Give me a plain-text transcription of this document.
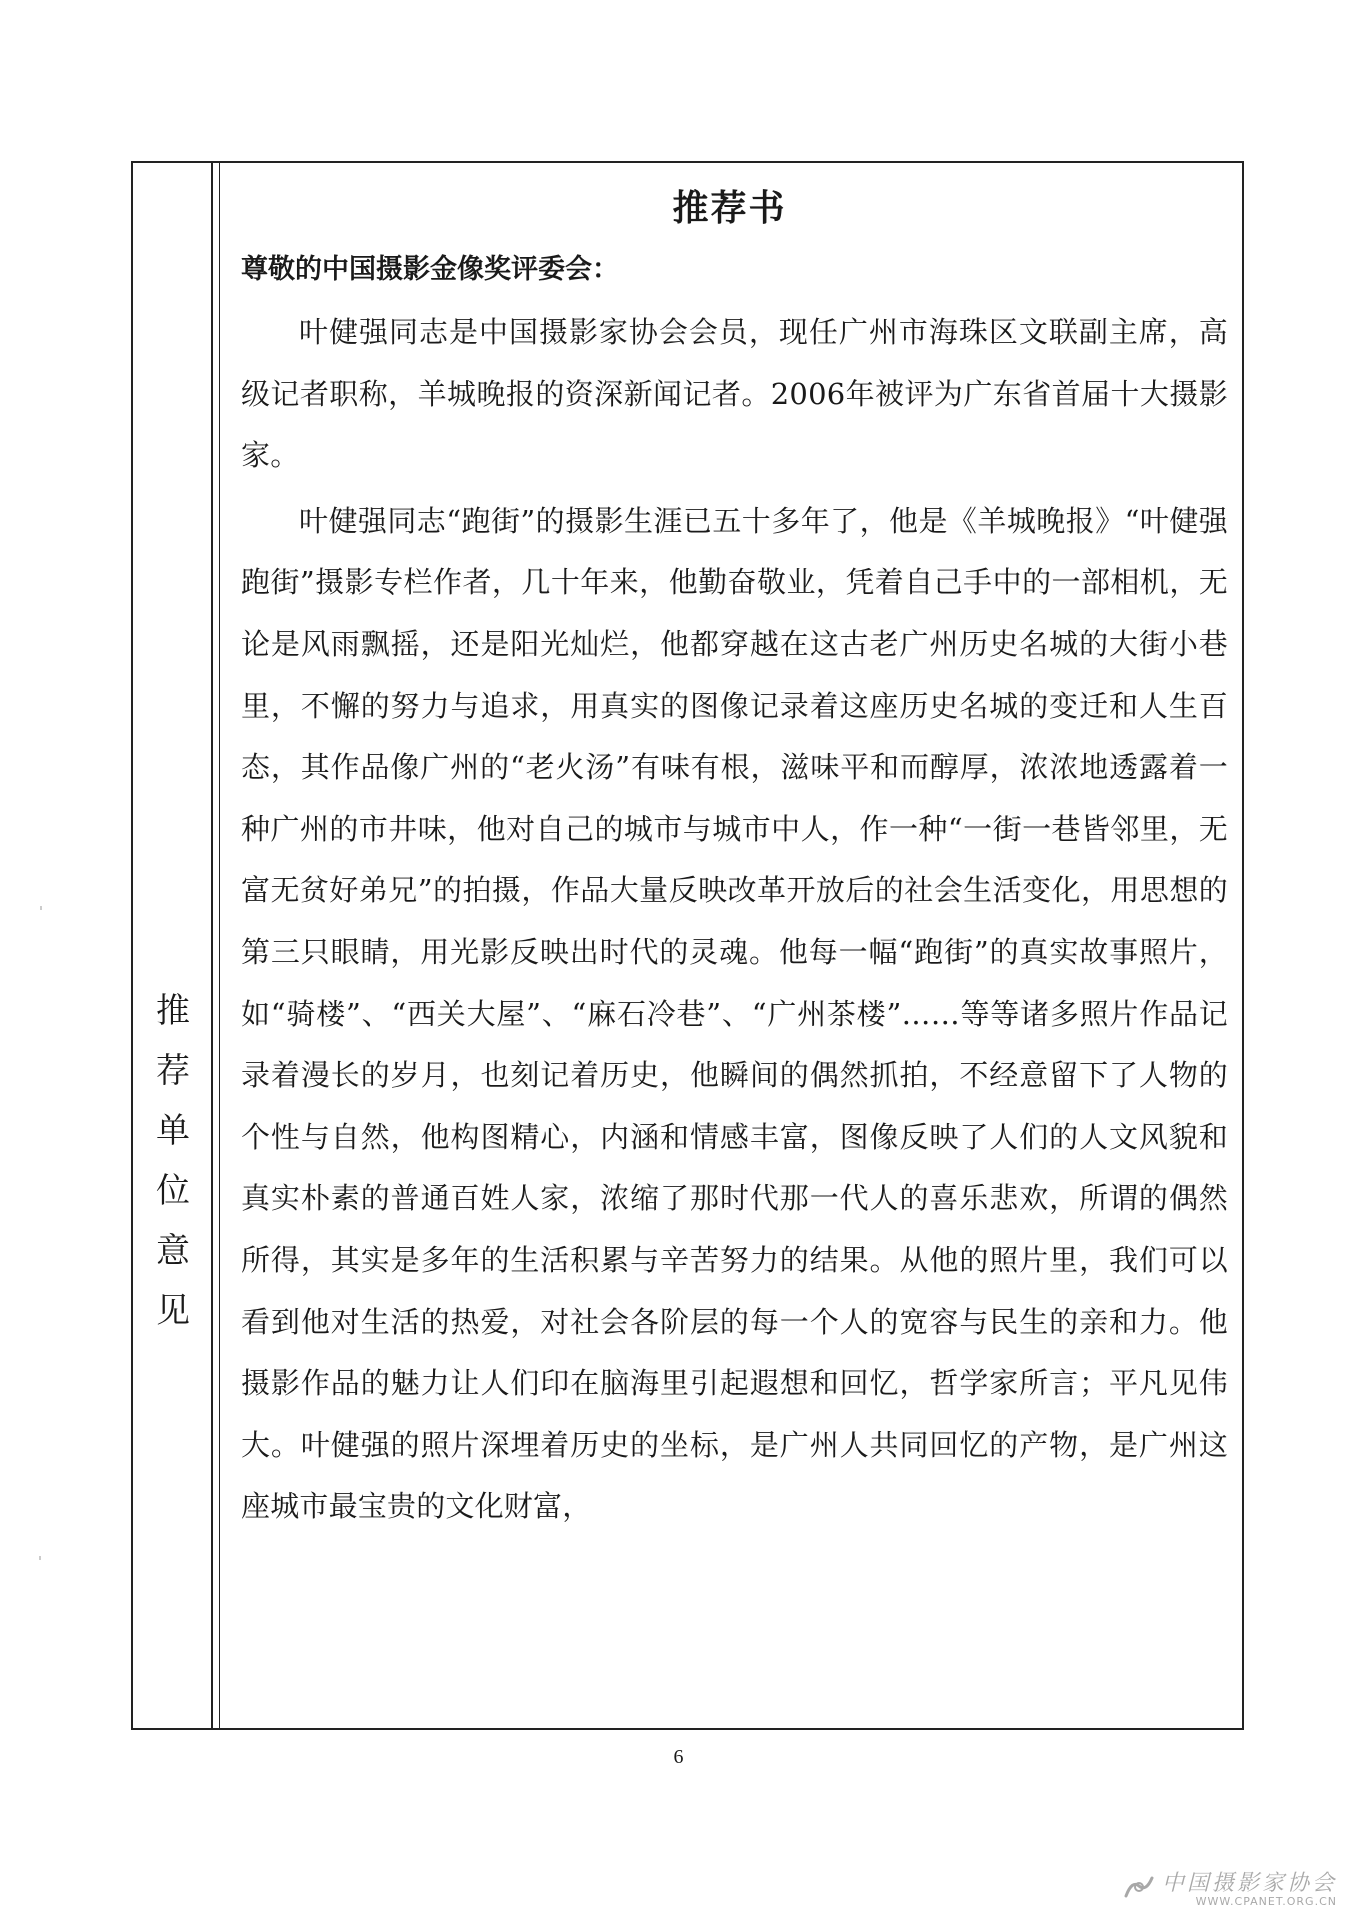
推
荐
单
位
意
见
推荐书
尊敬的中国摄影金像奖评委会：

叶健强同志是中国摄影家协会会员，现任广州市海珠区文联副主席，高级记者职称，羊城晚报的资深新闻记者。2006年被评为广东省首届十大摄影家。

叶健强同志“跑街”的摄影生涯已五十多年了，他是《羊城晚报》“叶健强跑街”摄影专栏作者，几十年来，他勤奋敬业，凭着自己手中的一部相机，无论是风雨飘摇，还是阳光灿烂，他都穿越在这古老广州历史名城的大街小巷里，不懈的努力与追求，用真实的图像记录着这座历史名城的变迁和人生百态，其作品像广州的“老火汤”有味有根，滋味平和而醇厚，浓浓地透露着一种广州的市井味，他对自己的城市与城市中人，作一种“一街一巷皆邻里，无富无贫好弟兄”的拍摄，作品大量反映改革开放后的社会生活变化，用思想的第三只眼睛，用光影反映出时代的灵魂。他每一幅“跑街”的真实故事照片，如“骑楼”、“西关大屋”、“麻石冷巷”、“广州茶楼”……等等诸多照片作品记录着漫长的岁月，也刻记着历史，他瞬间的偶然抓拍，不经意留下了人物的个性与自然，他构图精心，内涵和情感丰富，图像反映了人们的人文风貌和真实朴素的普通百姓人家，浓缩了那时代那一代人的喜乐悲欢，所谓的偶然所得，其实是多年的生活积累与辛苦努力的结果。从他的照片里，我们可以看到他对生活的热爱，对社会各阶层的每一个人的宽容与民生的亲和力。他摄影作品的魅力让人们印在脑海里引起遐想和回忆，哲学家所言；平凡见伟大。叶健强的照片深埋着历史的坐标，是广州人共同回忆的产物，是广州这座城市最宝贵的文化财富，

6
中国摄影家协会
WWW.CPANET.ORG.CN
